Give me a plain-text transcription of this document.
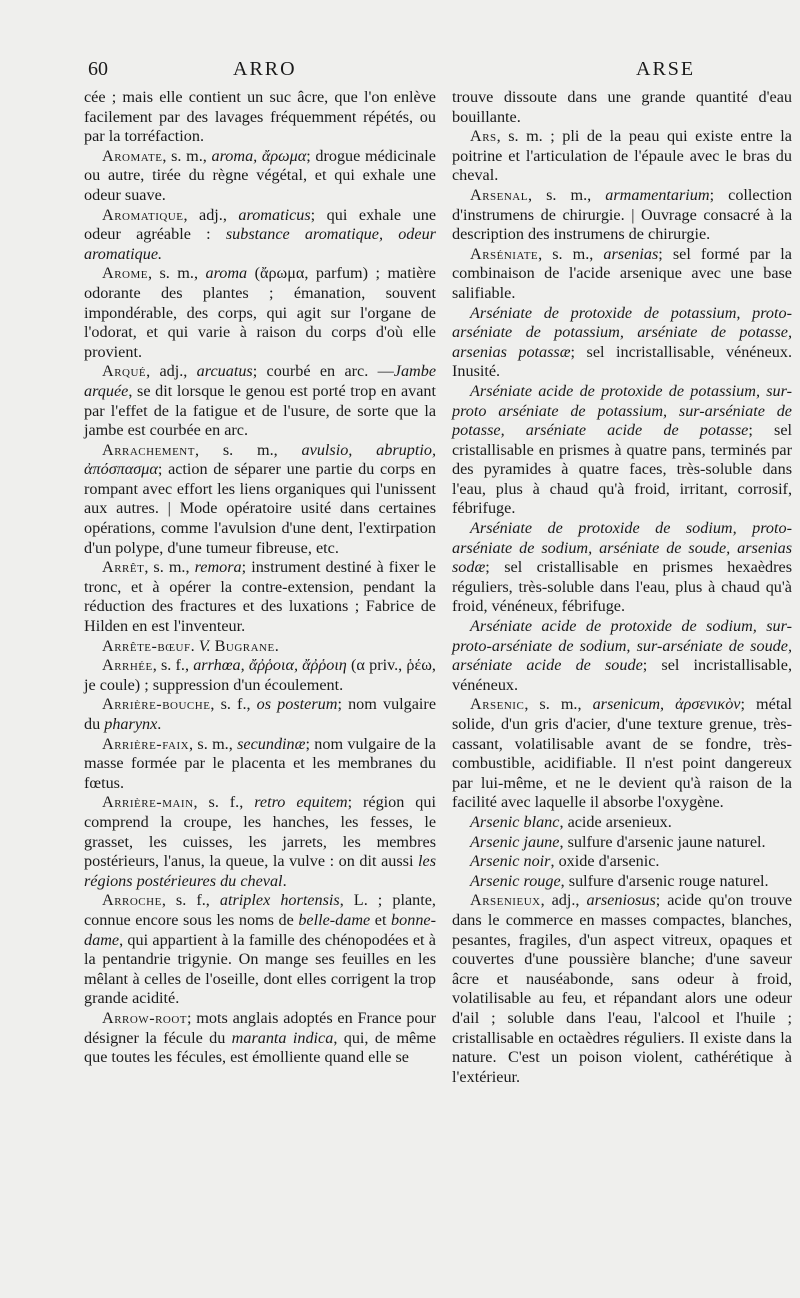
60	ARRO	ARSE

cée ; mais elle contient un suc âcre, que l'on enlève facilement par des lavages fréquemment répétés, ou par la torréfaction.

Aromate, s. m., aroma, ἄρωμα; drogue médicinale ou autre, tirée du règne végétal, et qui exhale une odeur suave.

Aromatique, adj., aromaticus; qui exhale une odeur agréable : substance aromatique, odeur aromatique.

Arome, s. m., aroma (ἄρωμα, parfum) ; matière odorante des plantes ; émanation, souvent impondérable, des corps, qui agit sur l'organe de l'odorat, et qui varie à raison du corps d'où elle provient.

Arqué, adj., arcuatus; courbé en arc. —Jambe arquée, se dit lorsque le genou est porté trop en avant par l'effet de la fatigue et de l'usure, de sorte que la jambe est courbée en arc.

Arrachement, s. m., avulsio, abruptio, ἀπόσπασμα; action de séparer une partie du corps en rompant avec effort les liens organiques qui l'unissent aux autres. | Mode opératoire usité dans certaines opérations, comme l'avulsion d'une dent, l'extirpation d'un polype, d'une tumeur fibreuse, etc.

Arrêt, s. m., remora; instrument destiné à fixer le tronc, et à opérer la contre-extension, pendant la réduction des fractures et des luxations ; Fabrice de Hilden en est l'inventeur.

Arrête-bœuf. V. Bugrane.

Arrhée, s. f., arrhœa, ἄῤῥοια, ἄῤῥοιη (α priv., ῥέω, je coule) ; suppression d'un écoulement.

Arrière-bouche, s. f., os posterum; nom vulgaire du pharynx.

Arrière-faix, s. m., secundinæ; nom vulgaire de la masse formée par le placenta et les membranes du fœtus.

Arrière-main, s. f., retro equitem; région qui comprend la croupe, les hanches, les fesses, le grasset, les cuisses, les jarrets, les membres postérieurs, l'anus, la queue, la vulve : on dit aussi les régions postérieures du cheval.

Arroche, s. f., atriplex hortensis, L. ; plante, connue encore sous les noms de belle-dame et bonne-dame, qui appartient à la famille des chénopodées et à la pentandrie trigynie. On mange ses feuilles en les mêlant à celles de l'oseille, dont elles corrigent la trop grande acidité.

Arrow-root; mots anglais adoptés en France pour désigner la fécule du maranta indica, qui, de même que toutes les fécules, est émolliente quand elle se

trouve dissoute dans une grande quantité d'eau bouillante.

Ars, s. m. ; pli de la peau qui existe entre la poitrine et l'articulation de l'épaule avec le bras du cheval.

Arsenal, s. m., armamentarium; collection d'instrumens de chirurgie. | Ouvrage consacré à la description des instrumens de chirurgie.

Arséniate, s. m., arsenias; sel formé par la combinaison de l'acide arsenique avec une base salifiable.

Arséniate de protoxide de potassium, proto-arséniate de potassium, arséniate de potasse, arsenias potassæ; sel incristallisable, vénéneux. Inusité.

Arséniate acide de protoxide de potassium, sur-proto arséniate de potassium, sur-arséniate de potasse, arséniate acide de potasse; sel cristallisable en prismes à quatre pans, terminés par des pyramides à quatre faces, très-soluble dans l'eau, plus à chaud qu'à froid, irritant, corrosif, fébrifuge.

Arséniate de protoxide de sodium, proto-arséniate de sodium, arséniate de soude, arsenias sodæ; sel cristallisable en prismes hexaèdres réguliers, très-soluble dans l'eau, plus à chaud qu'à froid, vénéneux, fébrifuge.

Arséniate acide de protoxide de sodium, sur-proto-arséniate de sodium, sur-arséniate de soude, arséniate acide de soude; sel incristallisable, vénéneux.

Arsenic, s. m., arsenicum, ἀρσενικὸν; métal solide, d'un gris d'acier, d'une texture grenue, très-cassant, volatilisable avant de se fondre, très-combustible, acidifiable. Il n'est point dangereux par lui-même, et ne le devient qu'à raison de la facilité avec laquelle il absorbe l'oxygène.

Arsenic blanc, acide arsenieux.

Arsenic jaune, sulfure d'arsenic jaune naturel.

Arsenic noir, oxide d'arsenic.

Arsenic rouge, sulfure d'arsenic rouge naturel.

Arsenieux, adj., arseniosus; acide qu'on trouve dans le commerce en masses compactes, blanches, pesantes, fragiles, d'un aspect vitreux, opaques et couvertes d'une poussière blanche; d'une saveur âcre et nauséabonde, sans odeur à froid, volatilisable au feu, et répandant alors une odeur d'ail ; soluble dans l'eau, l'alcool et l'huile ; cristallisable en octaèdres réguliers. Il existe dans la nature. C'est un poison violent, cathérétique à l'extérieur.
